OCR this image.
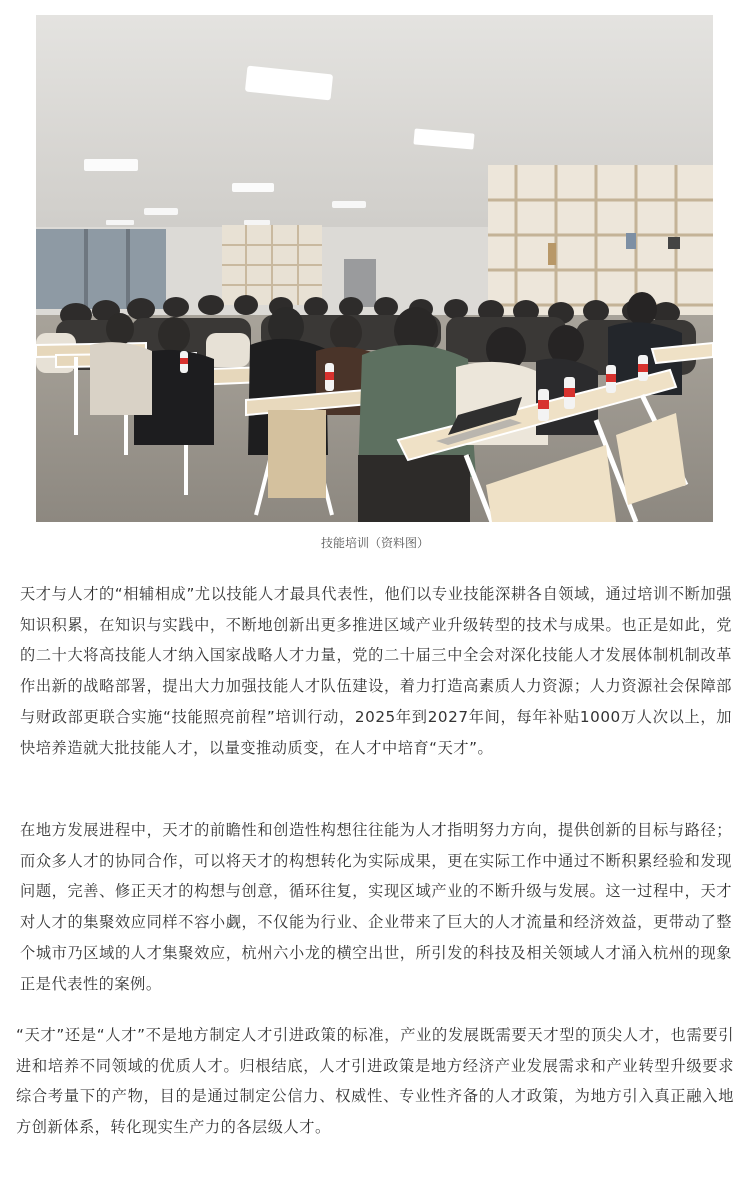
技能培训（资料图）

天才与人才的“相辅相成”尤以技能人才最具代表性，他们以专业技能深耕各自领域，通过培训不断加强知识积累，在知识与实践中，不断地创新出更多推进区域产业升级转型的技术与成果。也正是如此，党的二十大将高技能人才纳入国家战略人才力量，党的二十届三中全会对深化技能人才发展体制机制改革作出新的战略部署，提出大力加强技能人才队伍建设，着力打造高素质人力资源；人力资源社会保障部与财政部更联合实施“技能照亮前程”培训行动，2025年到2027年间，每年补贴1000万人次以上，加快培养造就大批技能人才，以量变推动质变，在人才中培育“天才”。

在地方发展进程中，天才的前瞻性和创造性构想往往能为人才指明努力方向，提供创新的目标与路径；而众多人才的协同合作，可以将天才的构想转化为实际成果，更在实际工作中通过不断积累经验和发现问题，完善、修正天才的构想与创意，循环往复，实现区域产业的不断升级与发展。这一过程中，天才对人才的集聚效应同样不容小觑，不仅能为行业、企业带来了巨大的人才流量和经济效益，更带动了整个城市乃区域的人才集聚效应，杭州六小龙的横空出世，所引发的科技及相关领域人才涌入杭州的现象正是代表性的案例。

“天才”还是“人才”不是地方制定人才引进政策的标准，产业的发展既需要天才型的顶尖人才，也需要引进和培养不同领域的优质人才。归根结底，人才引进政策是地方经济产业发展需求和产业转型升级要求综合考量下的产物，目的是通过制定公信力、权威性、专业性齐备的人才政策，为地方引入真正融入地方创新体系，转化现实生产力的各层级人才。
